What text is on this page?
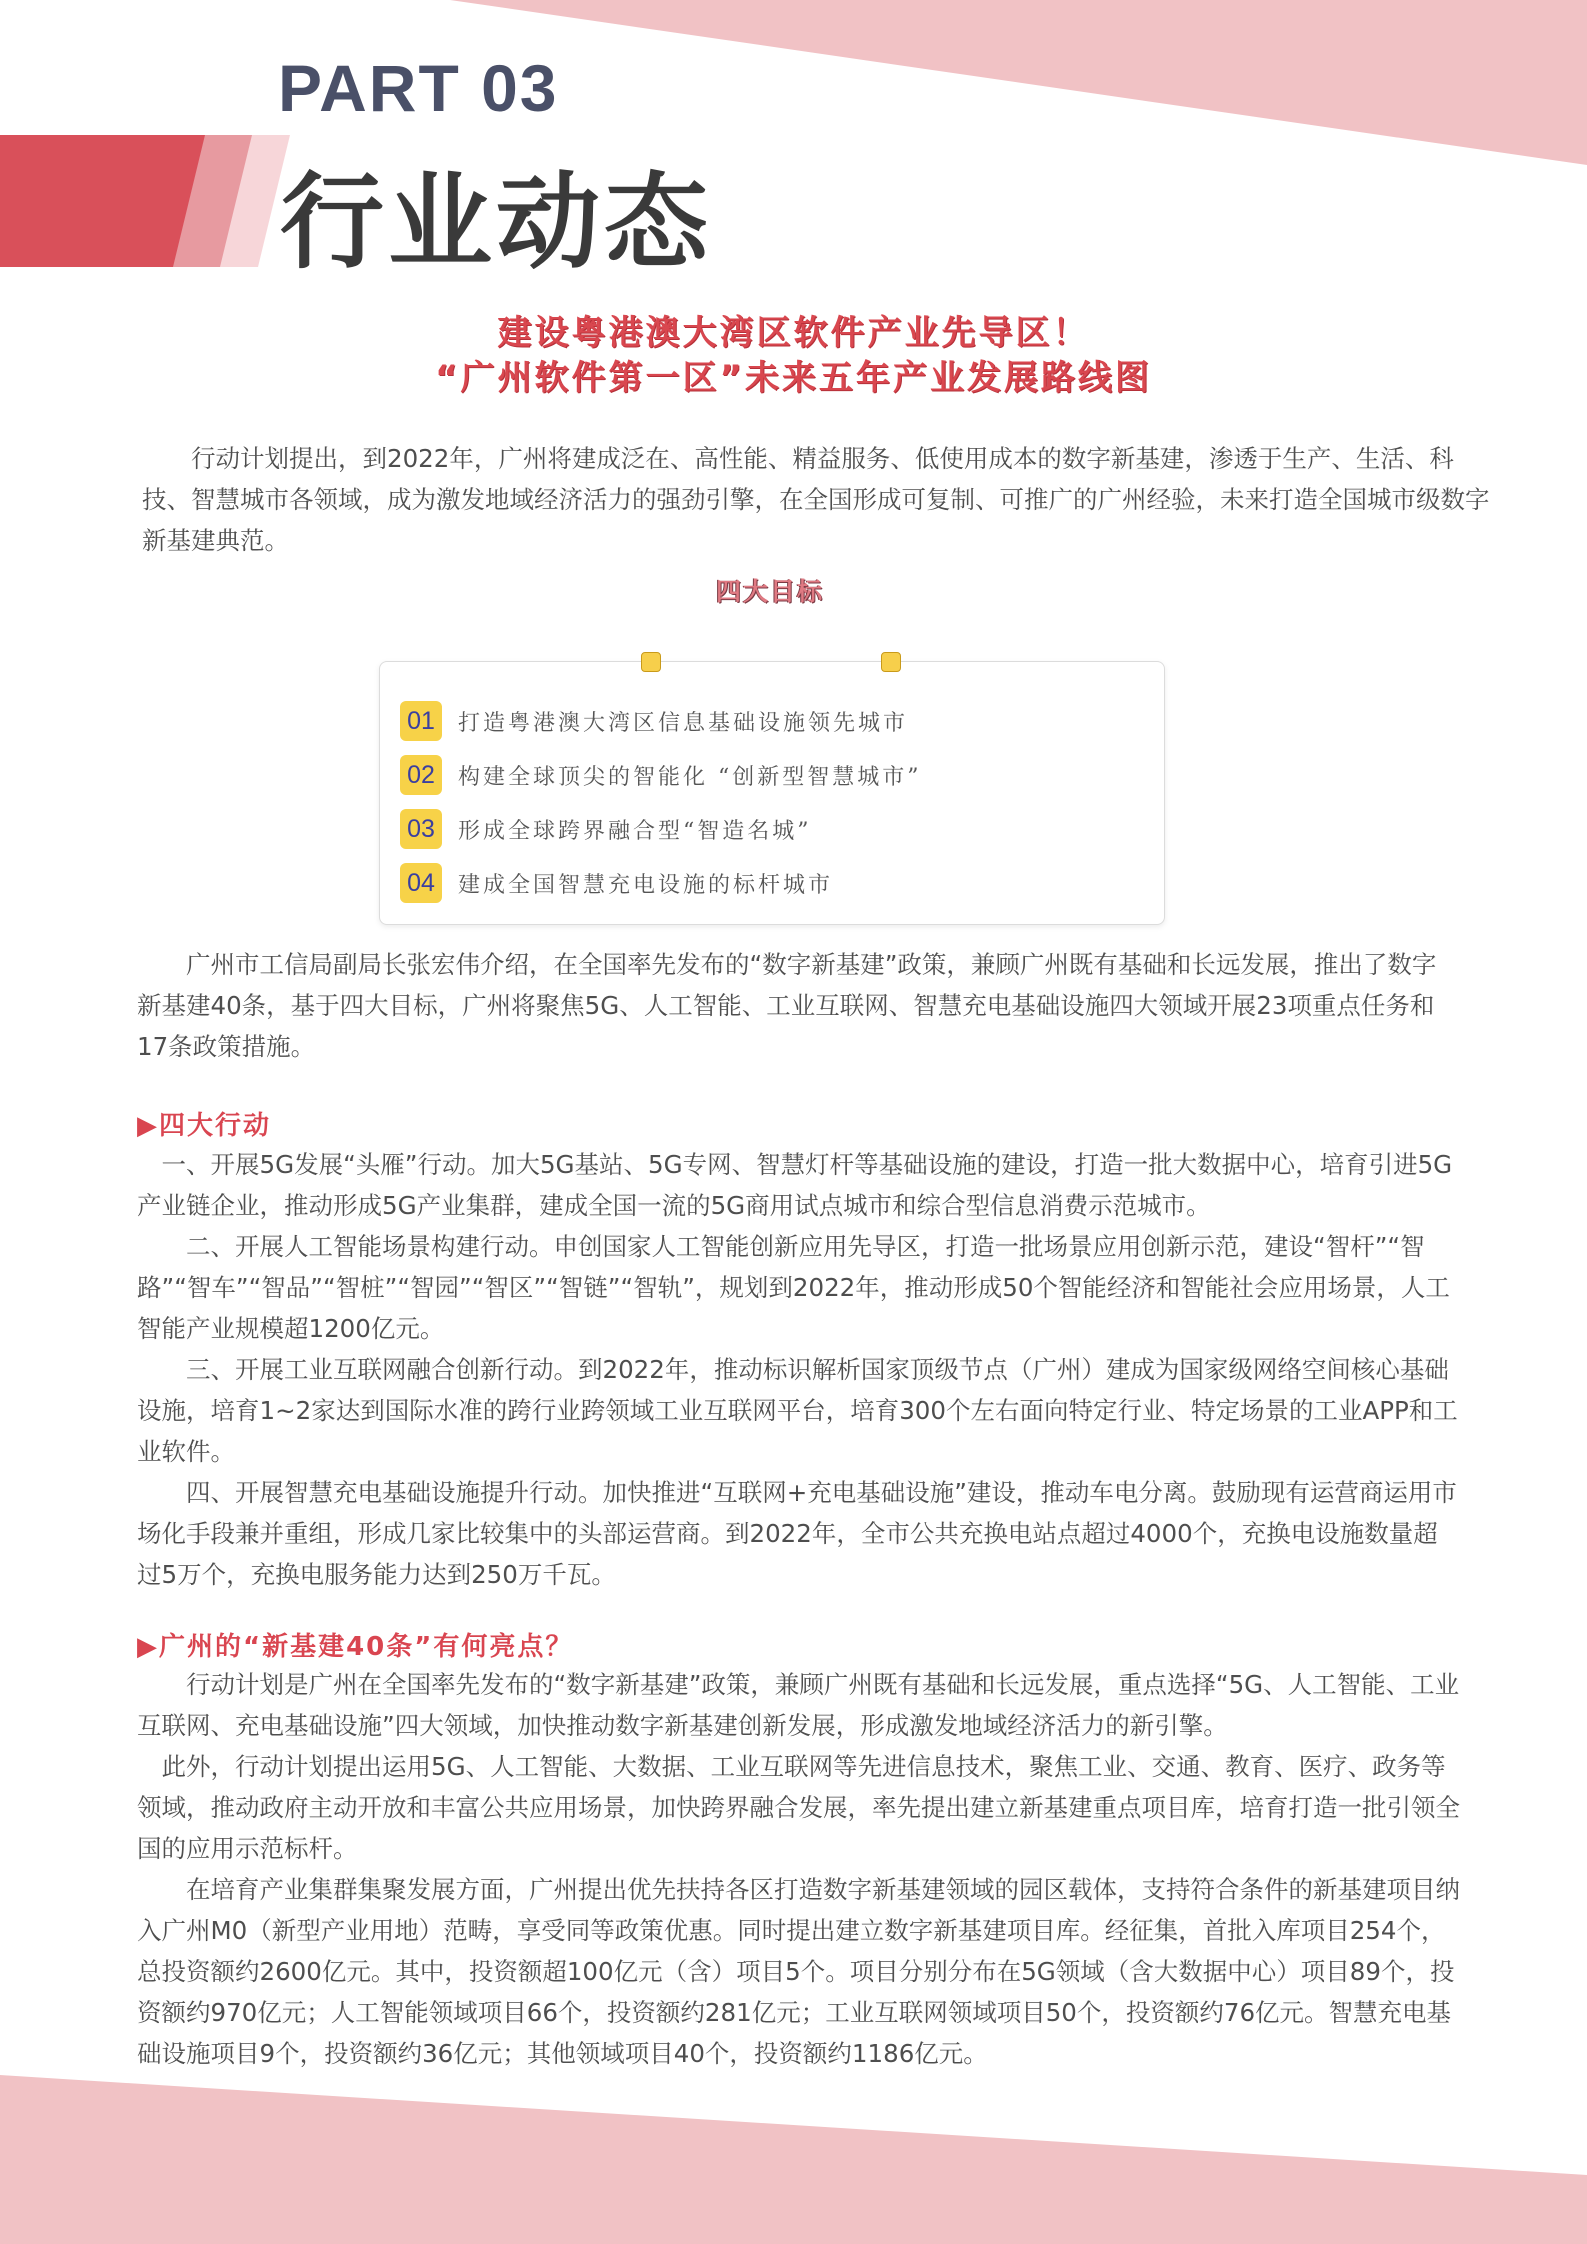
PART 03
行业动态
建设粤港澳大湾区软件产业先导区！
“广州软件第一区”未来五年产业发展路线图

行动计划提出，到2022年，广州将建成泛在、高性能、精益服务、低使用成本的数字新基建，渗透于生产、生活、科技、智慧城市各领域，成为激发地域经济活力的强劲引擎，在全国形成可复制、可推广的广州经验，未来打造全国城市级数字新基建典范。

四大目标
01	打造粤港澳大湾区信息基础设施领先城市
02	构建全球顶尖的智能化 “创新型智慧城市”
03	形成全球跨界融合型“智造名城”
04	建成全国智慧充电设施的标杆城市

广州市工信局副局长张宏伟介绍，在全国率先发布的“数字新基建”政策，兼顾广州既有基础和长远发展，推出了数字新基建40条，基于四大目标，广州将聚焦5G、人工智能、工业互联网、智慧充电基础设施四大领域开展23项重点任务和17条政策措施。

▶四大行动

一、开展5G发展“头雁”行动。加大5G基站、5G专网、智慧灯杆等基础设施的建设，打造一批大数据中心，培育引进5G产业链企业，推动形成5G产业集群，建成全国一流的5G商用试点城市和综合型信息消费示范城市。

二、开展人工智能场景构建行动。申创国家人工智能创新应用先导区，打造一批场景应用创新示范，建设“智杆”“智路”“智车”“智品”“智桩”“智园”“智区”“智链”“智轨”，规划到2022年，推动形成50个智能经济和智能社会应用场景，人工智能产业规模超1200亿元。

三、开展工业互联网融合创新行动。到2022年，推动标识解析国家顶级节点（广州）建成为国家级网络空间核心基础设施，培育1~2家达到国际水准的跨行业跨领域工业互联网平台，培育300个左右面向特定行业、特定场景的工业APP和工业软件。

四、开展智慧充电基础设施提升行动。加快推进“互联网+充电基础设施”建设，推动车电分离。鼓励现有运营商运用市场化手段兼并重组，形成几家比较集中的头部运营商。到2022年，全市公共充换电站点超过4000个，充换电设施数量超过5万个，充换电服务能力达到250万千瓦。

▶广州的“新基建40条”有何亮点？

行动计划是广州在全国率先发布的“数字新基建”政策，兼顾广州既有基础和长远发展，重点选择“5G、人工智能、工业互联网、充电基础设施”四大领域，加快推动数字新基建创新发展，形成激发地域经济活力的新引擎。

此外，行动计划提出运用5G、人工智能、大数据、工业互联网等先进信息技术，聚焦工业、交通、教育、医疗、政务等领域，推动政府主动开放和丰富公共应用场景，加快跨界融合发展，率先提出建立新基建重点项目库，培育打造一批引领全国的应用示范标杆。

在培育产业集群集聚发展方面，广州提出优先扶持各区打造数字新基建领域的园区载体，支持符合条件的新基建项目纳入广州M0（新型产业用地）范畴，享受同等政策优惠。同时提出建立数字新基建项目库。经征集，首批入库项目254个，总投资额约2600亿元。其中，投资额超100亿元（含）项目5个。项目分别分布在5G领域（含大数据中心）项目89个，投资额约970亿元；人工智能领域项目66个，投资额约281亿元；工业互联网领域项目50个，投资额约76亿元。智慧充电基础设施项目9个，投资额约36亿元；其他领域项目40个，投资额约1186亿元。
